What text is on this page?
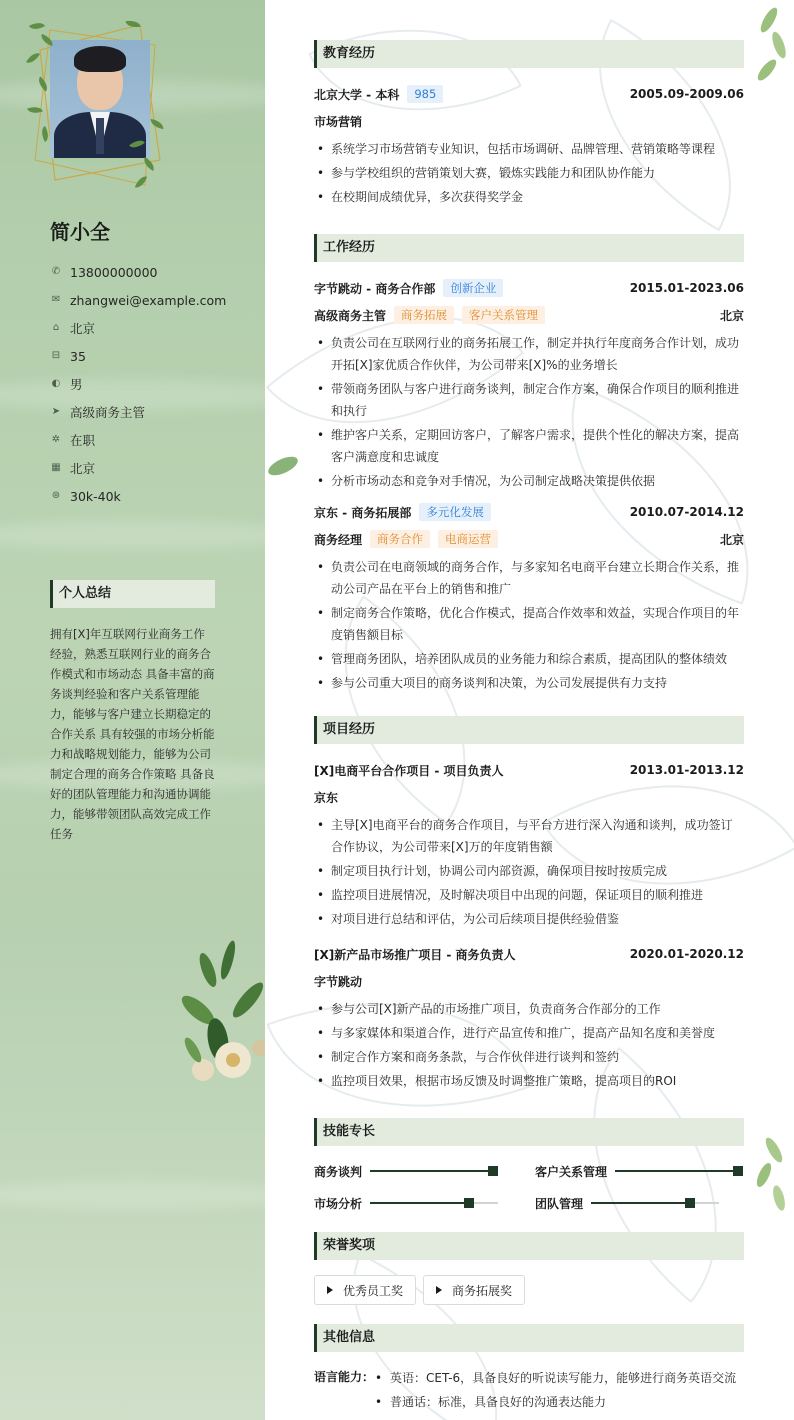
简小全
✆ 13800000000
✉ zhangwei@example.com
⌂ 北京
⊟ 35
◐ 男
➤ 高级商务主管
✲ 在职
▦ 北京
⊛ 30k-40k
个人总结
拥有[X]年互联网行业商务工作经验，熟悉互联网行业的商务合作模式和市场动态 具备丰富的商务谈判经验和客户关系管理能力，能够与客户建立长期稳定的合作关系 具有较强的市场分析能力和战略规划能力，能够为公司制定合理的商务合作策略 具备良好的团队管理能力和沟通协调能力，能够带领团队高效完成工作任务
教育经历
北京大学 - 本科	985	2005.09-2009.06
市场营销
• 系统学习市场营销专业知识，包括市场调研、品牌管理、营销策略等课程
• 参与学校组织的营销策划大赛，锻炼实践能力和团队协作能力
• 在校期间成绩优异，多次获得奖学金
工作经历
字节跳动 - 商务合作部	创新企业	2015.01-2023.06
高级商务主管	商务拓展	客户关系管理	北京
• 负责公司在互联网行业的商务拓展工作，制定并执行年度商务合作计划，成功开拓[X]家优质合作伙伴，为公司带来[X]%的业务增长
• 带领商务团队与客户进行商务谈判，制定合作方案，确保合作项目的顺利推进和执行
• 维护客户关系，定期回访客户，了解客户需求，提供个性化的解决方案，提高客户满意度和忠诚度
• 分析市场动态和竞争对手情况，为公司制定战略决策提供依据
京东 - 商务拓展部	多元化发展	2010.07-2014.12
商务经理	商务合作	电商运营	北京
• 负责公司在电商领域的商务合作，与多家知名电商平台建立长期合作关系，推动公司产品在平台上的销售和推广
• 制定商务合作策略，优化合作模式，提高合作效率和效益，实现合作项目的年度销售额目标
• 管理商务团队，培养团队成员的业务能力和综合素质，提高团队的整体绩效
• 参与公司重大项目的商务谈判和决策，为公司发展提供有力支持
项目经历
[X]电商平台合作项目 - 项目负责人	2013.01-2013.12
京东
• 主导[X]电商平台的商务合作项目，与平台方进行深入沟通和谈判，成功签订合作协议，为公司带来[X]万的年度销售额
• 制定项目执行计划，协调公司内部资源，确保项目按时按质完成
• 监控项目进展情况，及时解决项目中出现的问题，保证项目的顺利推进
• 对项目进行总结和评估，为公司后续项目提供经验借鉴
[X]新产品市场推广项目 - 商务负责人	2020.01-2020.12
字节跳动
• 参与公司[X]新产品的市场推广项目，负责商务合作部分的工作
• 与多家媒体和渠道合作，进行产品宣传和推广，提高产品知名度和美誉度
• 制定合作方案和商务条款，与合作伙伴进行谈判和签约
• 监控项目效果，根据市场反馈及时调整推广策略，提高项目的ROI
技能专长
商务谈判	客户关系管理
市场分析	团队管理
荣誉奖项
优秀员工奖	商务拓展奖
其他信息
语言能力：
•	英语：CET-6，具备良好的听说读写能力，能够进行商务英语交流
• 普通话：标准，具备良好的沟通表达能力
